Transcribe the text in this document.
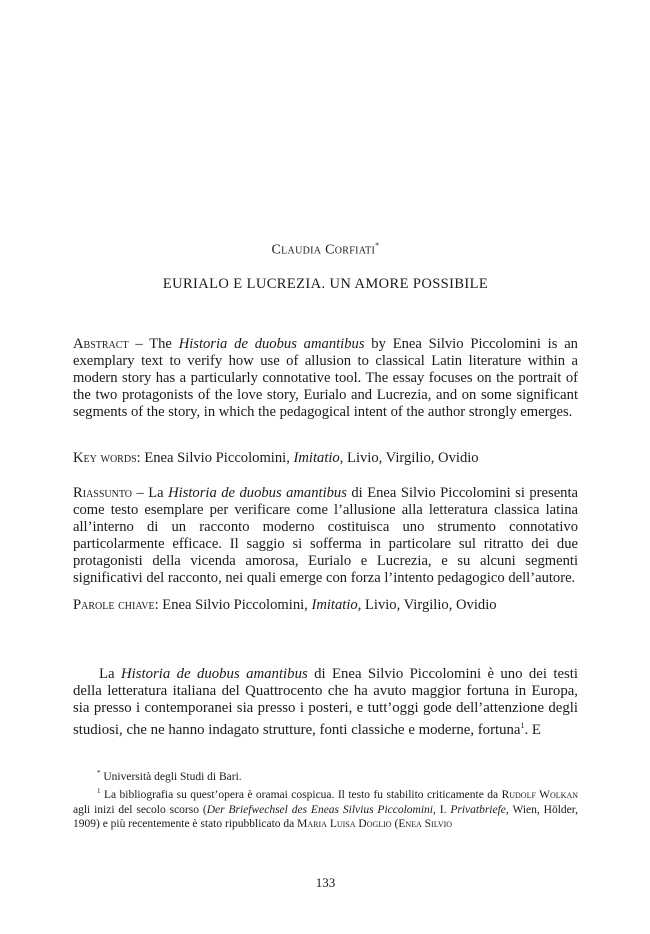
Claudia Corfiati*
EURIALO E LUCREZIA. UN AMORE POSSIBILE
Abstract – The Historia de duobus amantibus by Enea Silvio Piccolomini is an exemplary text to verify how use of allusion to classical Latin literature within a modern story has a particularly connotative tool. The essay focuses on the portrait of the two protagonists of the love story, Eurialo and Lucrezia, and on some significant segments of the story, in which the pedagogical intent of the author strongly emerges.
Key words: Enea Silvio Piccolomini, Imitatio, Livio, Virgilio, Ovidio
Riassunto – La Historia de duobus amantibus di Enea Silvio Piccolomini si presenta come testo esemplare per verificare come l’allusione alla letteratura classica latina all’interno di un racconto moderno costituisca uno strumento connotativo particolarmente efficace. Il saggio si sofferma in particolare sul ritratto dei due protagonisti della vicenda amorosa, Eurialo e Lucrezia, e su alcuni segmenti significativi del racconto, nei quali emerge con forza l’intento pedagogico dell’autore.
Parole chiave: Enea Silvio Piccolomini, Imitatio, Livio, Virgilio, Ovidio
La Historia de duobus amantibus di Enea Silvio Piccolomini è uno dei testi della letteratura italiana del Quattrocento che ha avuto maggior fortuna in Europa, sia presso i contemporanei sia presso i posteri, e tutt’oggi gode dell’attenzione degli studiosi, che ne hanno indagato strutture, fonti classiche e moderne, fortuna$^1$. E

* Università degli Studi di Bari.

$^1$ La bibliografia su quest’opera è oramai cospicua. Il testo fu stabilito criticamente da Rudolf Wolkan agli inizi del secolo scorso (Der Briefwechsel des Eneas Silvius Piccolomini, I. Privatbriefe, Wien, Hölder, 1909) e più recentemente è stato ripubblicato da Maria Luisa Doglio (Enea Silvio

133
